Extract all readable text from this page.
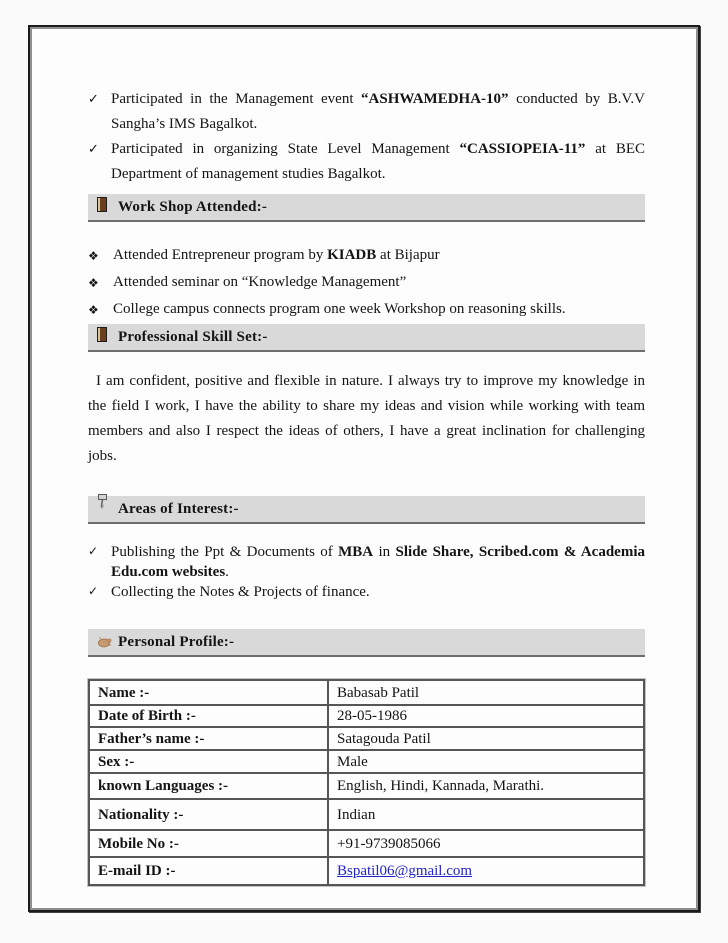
✓ Participated in the Management event “ASHWAMEDHA-10” conducted by B.V.V Sangha’s IMS Bagalkot.
✓ Participated in organizing State Level Management “CASSIOPEIA-11” at BEC Department of management studies Bagalkot.
Work Shop Attended:-
❖ Attended Entrepreneur program by KIADB at Bijapur
❖ Attended seminar on “Knowledge Management”
❖ College campus connects program one week Workshop on reasoning skills.
Professional Skill Set:-

I am confident, positive and flexible in nature. I always try to improve my knowledge in the field I work, I have the ability to share my ideas and vision while working with team members and also I respect the ideas of others, I have a great inclination for challenging jobs.

Areas of Interest:-
✓ Publishing the Ppt & Documents of MBA in Slide Share, Scribed.com & Academia Edu.com websites.
✓ Collecting the Notes & Projects of finance.
Personal Profile:-
Name :-	Babasab Patil
Date of Birth :-	28-05-1986
Father’s name :-	Satagouda Patil
Sex :-	Male
known Languages :-	English, Hindi, Kannada, Marathi.
Nationality :-	Indian
Mobile No :-	+91-9739085066
E-mail ID :-	Bspatil06@gmail.com
